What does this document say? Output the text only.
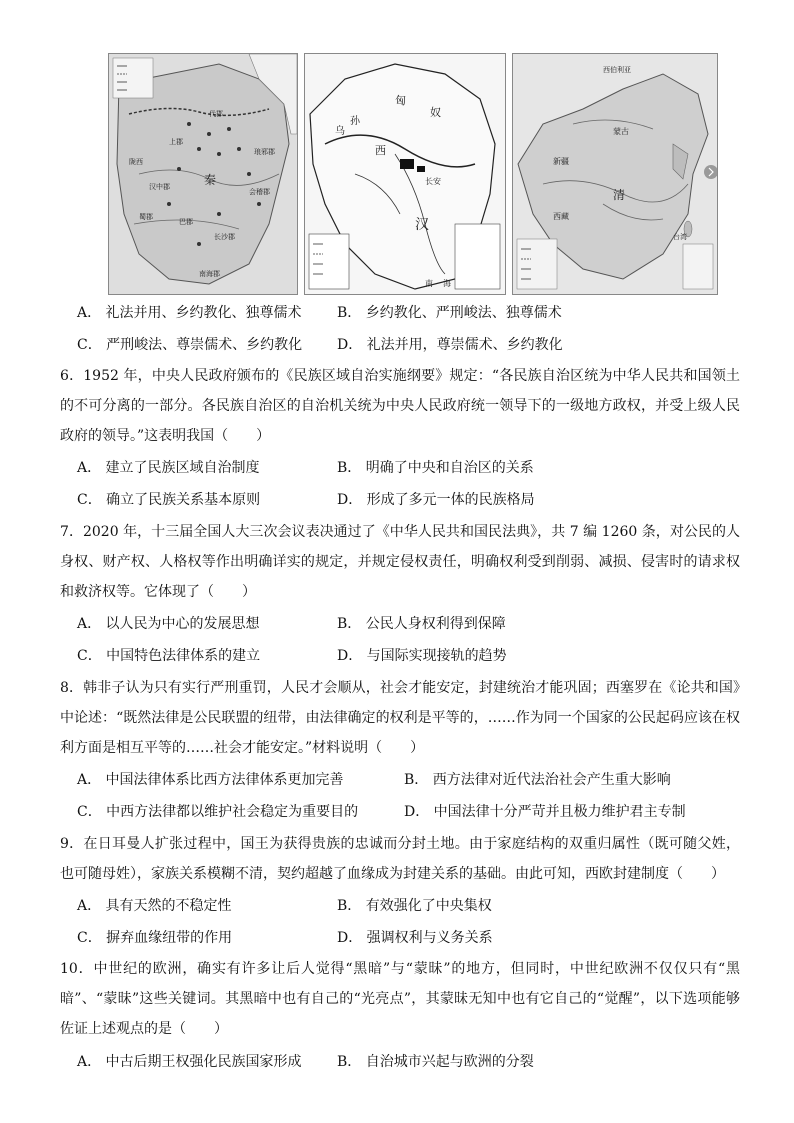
秦
代郡
上郡
汉中郡
陇西
蜀郡
巴郡
长沙郡
南海郡
会稽郡
琅邪郡
汉
匈
奴
乌
孙
西
长安
南 海
清
西伯利亚
蒙古
新疆
西藏
台湾
A． 礼法并用、乡约教化、独尊儒术	B． 乡约教化、严刑峻法、独尊儒术
C． 严刑峻法、尊崇儒术、乡约教化 D． 礼法并用，尊崇儒术、乡约教化
6．1952 年，中央人民政府颁布的《民族区域自治实施纲要》规定：“各民族自治区统为中华人民共和国领土的不可分离的一部分。各民族自治区的自治机关统为中央人民政府统一领导下的一级地方政权，并受上级人民政府的领导。”这表明我国（　　）
A． 建立了民族区域自治制度	B． 明确了中央和自治区的关系
C． 确立了民族关系基本原则	D． 形成了多元一体的民族格局
7．2020 年，十三届全国人大三次会议表决通过了《中华人民共和国民法典》，共 7 编 1260 条，对公民的人身权、财产权、人格权等作出明确详实的规定，并规定侵权责任，明确权利受到削弱、减损、侵害时的请求权和救济权等。它体现了（　　）
A． 以人民为中心的发展思想	B． 公民人身权利得到保障
C． 中国特色法律体系的建立	D． 与国际实现接轨的趋势
8．韩非子认为只有实行严刑重罚，人民才会顺从，社会才能安定，封建统治才能巩固；西塞罗在《论共和国》中论述：“既然法律是公民联盟的纽带，由法律确定的权利是平等的，……作为同一个国家的公民起码应该在权利方面是相互平等的……社会才能安定。”材料说明（　　）
A． 中国法律体系比西方法律体系更加完善	B． 西方法律对近代法治社会产生重大影响
C． 中西方法律都以维护社会稳定为重要目的	D． 中国法律十分严苛并且极力维护君主专制
9．在日耳曼人扩张过程中，国王为获得贵族的忠诚而分封土地。由于家庭结构的双重归属性（既可随父姓，也可随母姓），家族关系模糊不清，契约超越了血缘成为封建关系的基础。由此可知，西欧封建制度（　　）
A． 具有天然的不稳定性	B． 有效强化了中央集权
C． 摒弃血缘纽带的作用	D． 强调权利与义务关系
10．中世纪的欧洲，确实有许多让后人觉得“黑暗”与“蒙昧”的地方，但同时，中世纪欧洲不仅仅只有“黑暗”、“蒙昧”这些关键词。其黑暗中也有自己的“光亮点”，其蒙昧无知中也有它自己的“觉醒”，以下选项能够佐证上述观点的是（　　）
A． 中古后期王权强化民族国家形成	B． 自治城市兴起与欧洲的分裂
